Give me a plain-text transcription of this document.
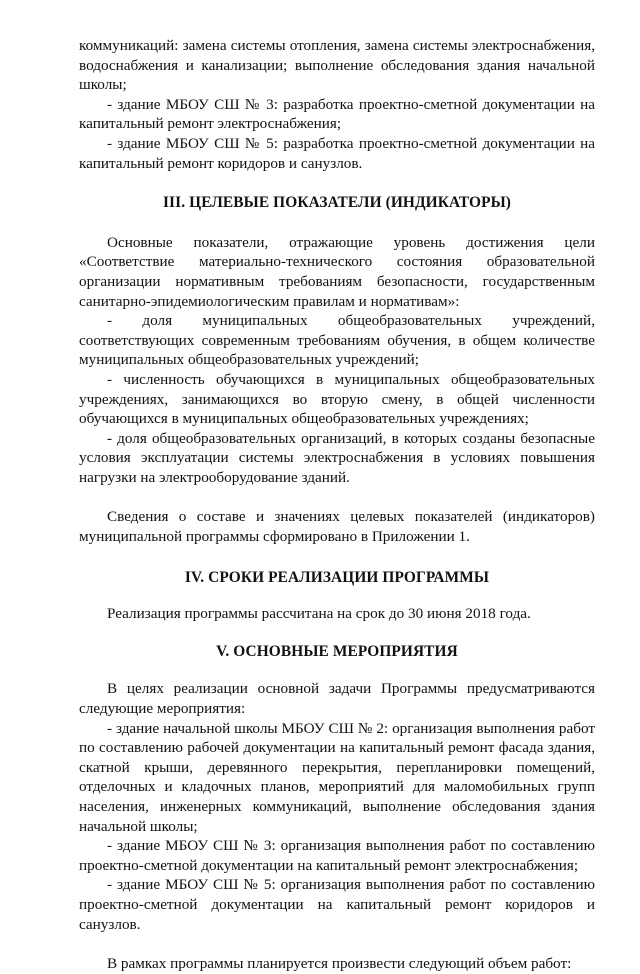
коммуникаций: замена системы отопления, замена системы электроснабжения, водоснабжения и канализации; выполнение обследования здания начальной школы;

- здание МБОУ СШ № 3: разработка проектно-сметной документации на капитальный ремонт электроснабжения;

- здание МБОУ СШ № 5: разработка проектно-сметной документации на капитальный ремонт коридоров и санузлов.

III. ЦЕЛЕВЫЕ ПОКАЗАТЕЛИ (ИНДИКАТОРЫ)

Основные показатели, отражающие уровень достижения цели «Соответствие материально-технического состояния образовательной организации нормативным требованиям безопасности, государственным санитарно-эпидемиологическим правилам и нормативам»:

- доля муниципальных общеобразовательных учреждений, соответствующих современным требованиям обучения, в общем количестве муниципальных общеобразовательных учреждений;

- численность обучающихся в муниципальных общеобразовательных учреждениях, занимающихся во вторую смену, в общей численности обучающихся в муниципальных общеобразовательных учреждениях;

- доля общеобразовательных организаций, в которых созданы безопасные условия эксплуатации системы электроснабжения в условиях повышения нагрузки на электрооборудование зданий.

Сведения о составе и значениях целевых показателей (индикаторов) муниципальной программы сформировано в Приложении 1.

IV. СРОКИ РЕАЛИЗАЦИИ ПРОГРАММЫ

Реализация программы рассчитана на срок до 30 июня 2018 года.

V. ОСНОВНЫЕ МЕРОПРИЯТИЯ

В целях реализации основной задачи Программы предусматриваются следующие мероприятия:

- здание начальной школы МБОУ СШ № 2: организация выполнения работ по составлению рабочей документации на капитальный ремонт фасада здания, скатной крыши, деревянного перекрытия, перепланировки помещений, отделочных и кладочных планов, мероприятий для маломобильных групп населения, инженерных коммуникаций, выполнение обследования здания начальной школы;

- здание МБОУ СШ № 3: организация выполнения работ по составлению проектно-сметной документации на капитальный ремонт электроснабжения;

- здание МБОУ СШ № 5: организация выполнения работ по составлению проектно-сметной документации на капитальный ремонт коридоров и санузлов.

В рамках программы планируется произвести следующий объем работ:
